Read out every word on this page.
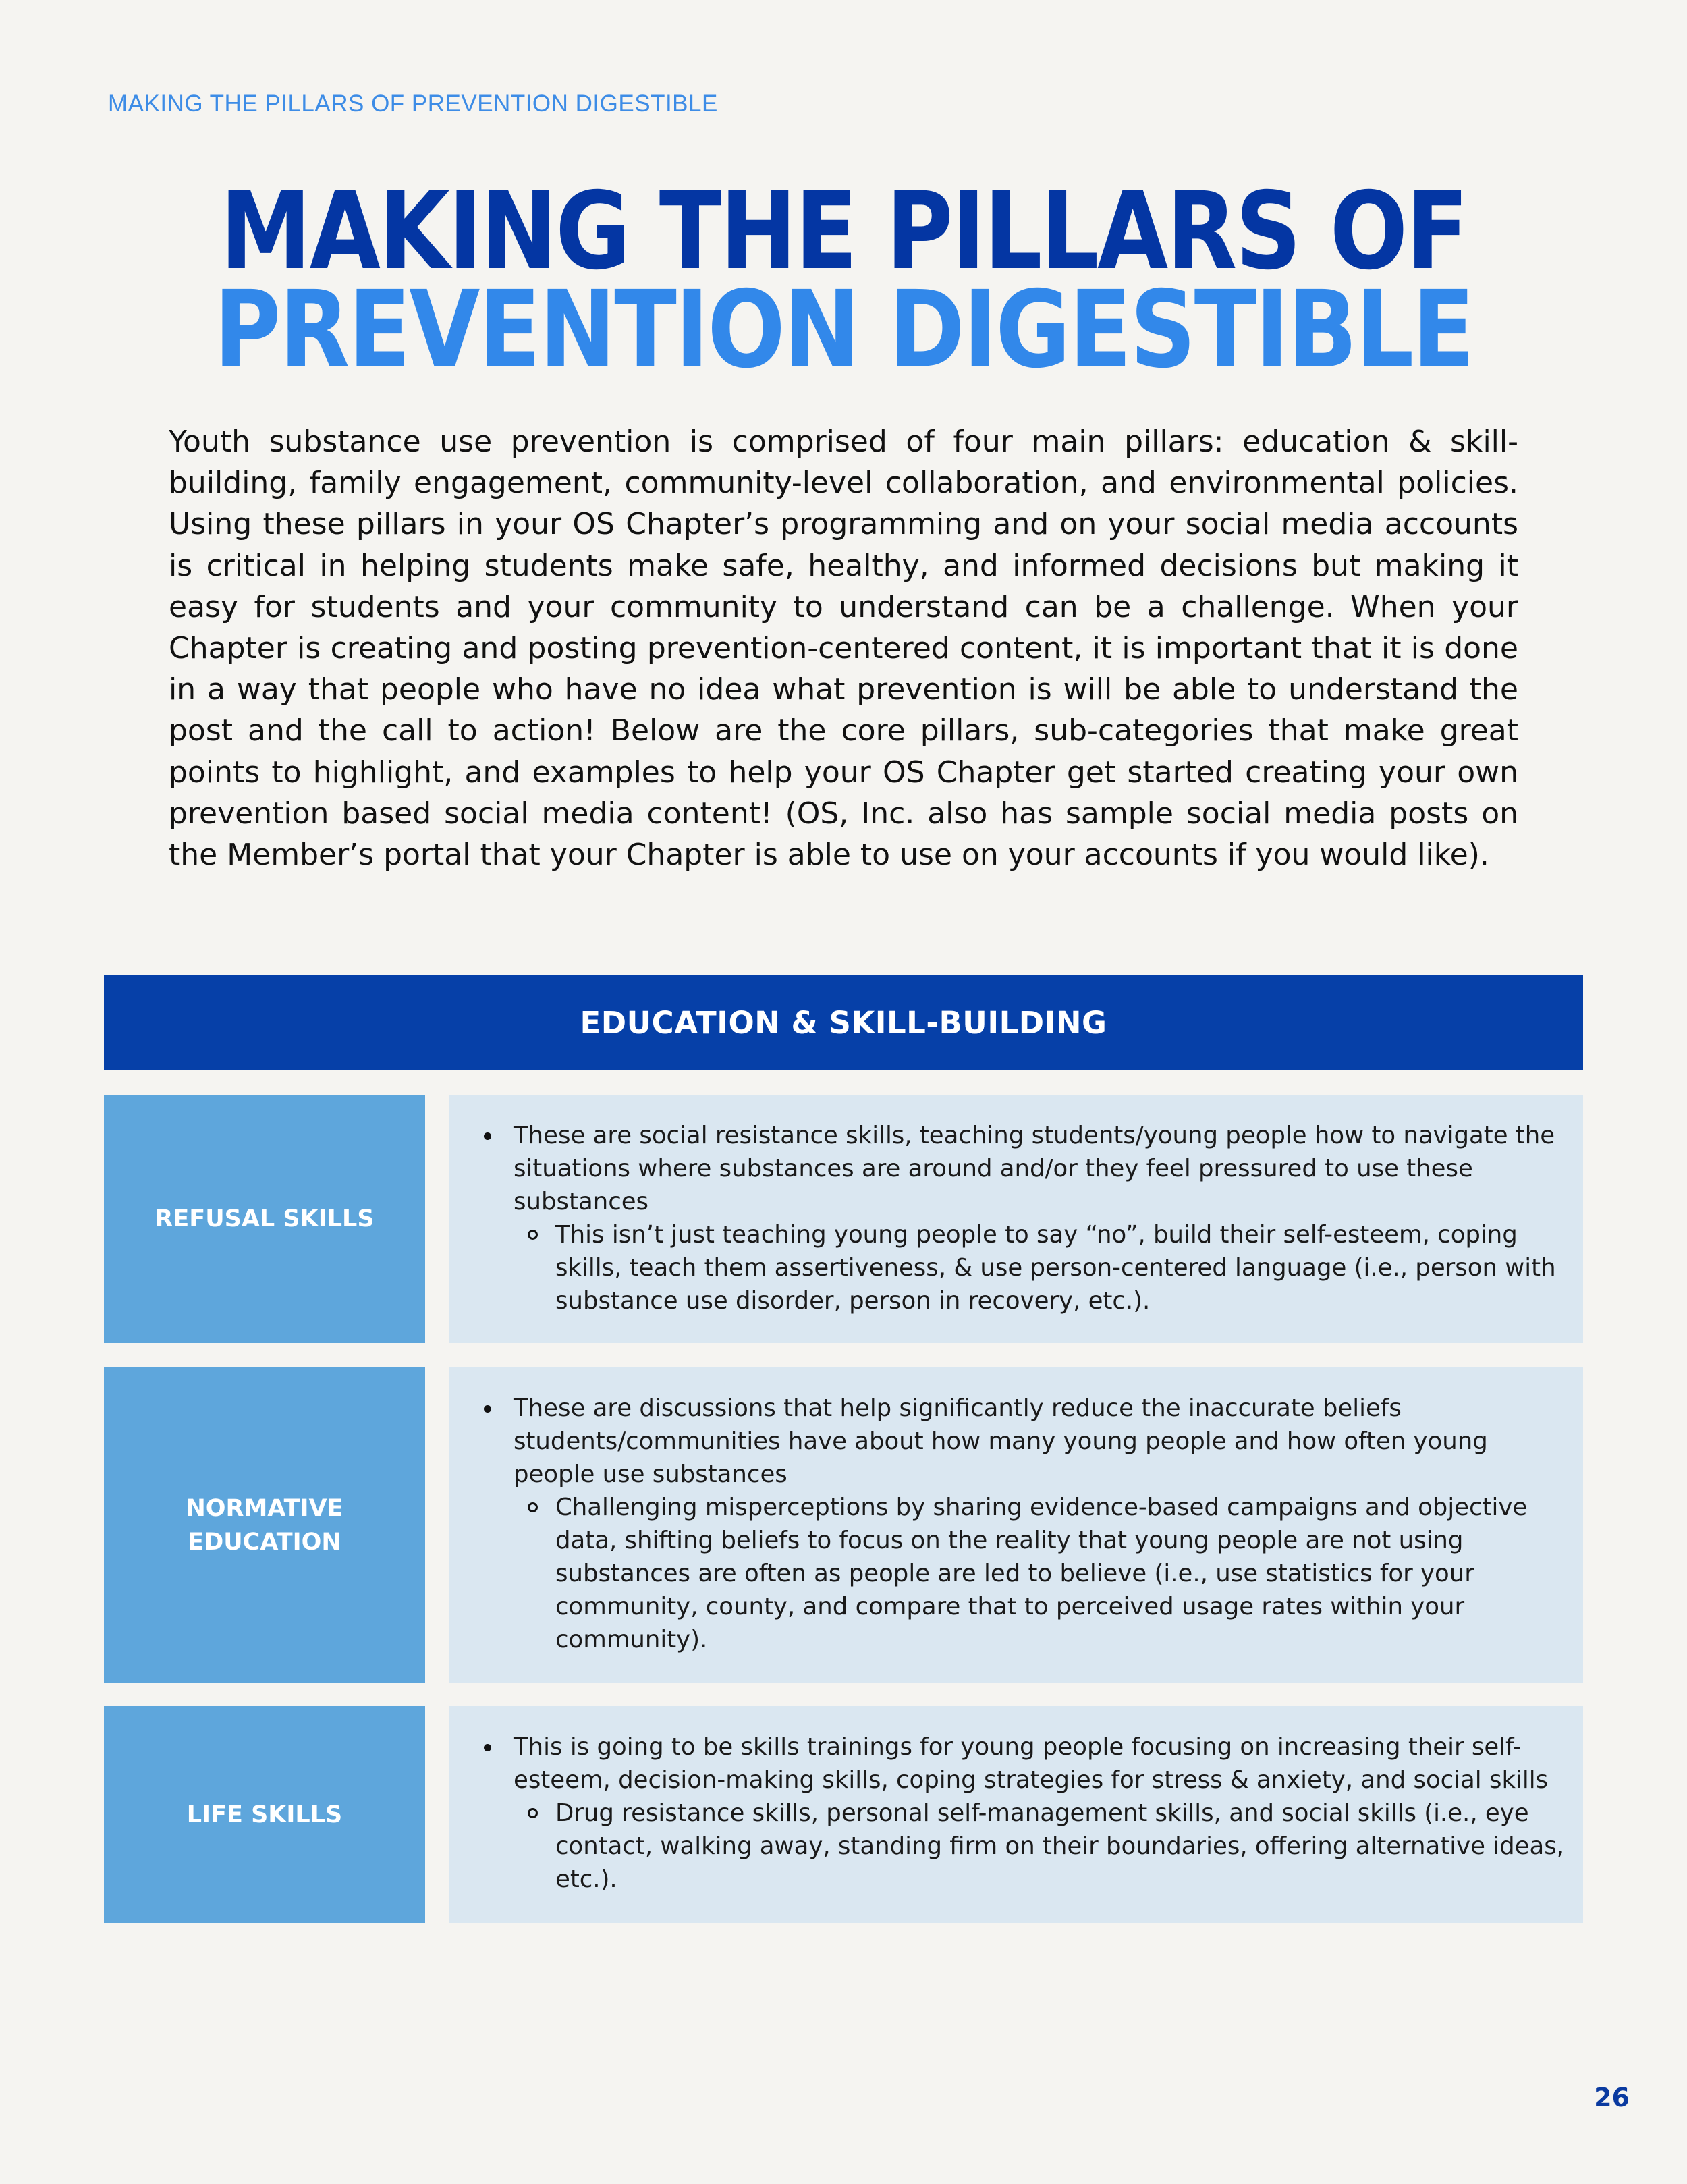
MAKING THE PILLARS OF PREVENTION DIGESTIBLE
MAKING THE PILLARS OF
PREVENTION DIGESTIBLE

Youth substance use prevention is comprised of four main pillars: education & skill-building, family engagement, community-level collaboration, and environmental policies. Using these pillars in your OS Chapter’s programming and on your social media accounts is critical in helping students make safe, healthy, and informed decisions but making it easy for students and your community to understand can be a challenge. When your Chapter is creating and posting prevention-centered content, it is important that it is done in a way that people who have no idea what prevention is will be able to understand the post and the call to action! Below are the core pillars, sub-categories that make great points to highlight, and examples to help your OS Chapter get started creating your own prevention based social media content! (OS, Inc. also has sample social media posts on the Member’s portal that your Chapter is able to use on your accounts if you would like).

EDUCATION & SKILL-BUILDING
REFUSAL SKILLS
These are social resistance skills, teaching students/young people how to navigate the situations where substances are around and/or they feel pressured to use these substances
This isn’t just teaching young people to say “no”, build their self-esteem, coping skills, teach them assertiveness, & use person-centered language (i.e., person with substance use disorder, person in recovery, etc.).
NORMATIVE
EDUCATION
These are discussions that help significantly reduce the inaccurate beliefs students/communities have about how many young people and how often young people use substances
Challenging misperceptions by sharing evidence-based campaigns and objective data, shifting beliefs to focus on the reality that young people are not using substances are often as people are led to believe (i.e., use statistics for your community, county, and compare that to perceived usage rates within your community).
LIFE SKILLS
This is going to be skills trainings for young people focusing on increasing their self-esteem, decision-making skills, coping strategies for stress & anxiety, and social skills
Drug resistance skills, personal self-management skills, and social skills (i.e., eye contact, walking away, standing firm on their boundaries, offering alternative ideas, etc.).
26
